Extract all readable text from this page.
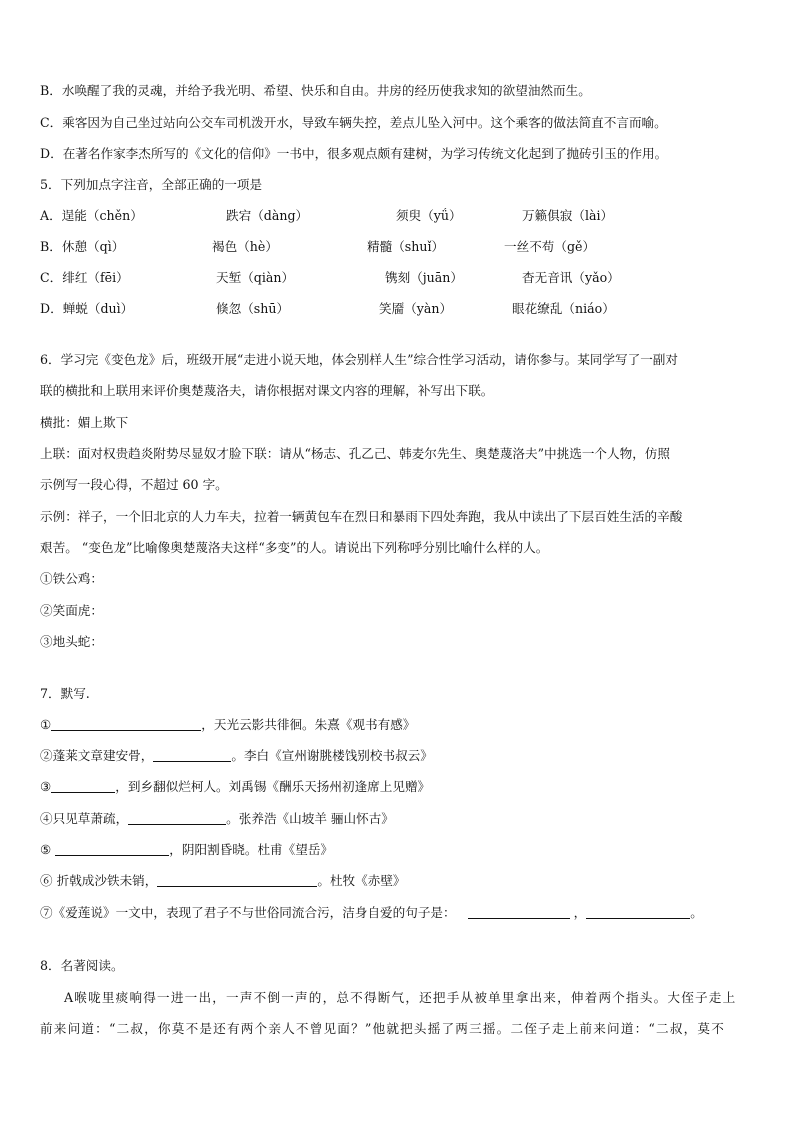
B．水唤醒了我的灵魂，并给予我光明、希望、快乐和自由。井房的经历使我求知的欲望油然而生。
C．乘客因为自己坐过站向公交车司机泼开水，导致车辆失控，差点儿坠入河中。这个乘客的做法简直不言而喻。
D．在著名作家李杰所写的《文化的信仰》一书中，很多观点颇有建树，为学习传统文化起到了抛砖引玉的作用。
5．下列加点字注音，全部正确的一项是
A．逞能（chěn）	跌宕（dàng）	须臾（yǘ）	万籁俱寂（lài）
B．休憩（qì）	褐色（hè）	精髓（shuǐ）	一丝不苟（gě）
C．绯红（fēi）	天堑（qiàn）	镌刻（juān）	杳无音讯（yǎo）
D．蝉蜕（duì）	倏忽（shū）	笑靥（yàn）	眼花缭乱（niáo）
6．学习完《变色龙》后，班级开展“走进小说天地，体会别样人生”综合性学习活动，请你参与。某同学写了一副对
联的横批和上联用来评价奥楚蔑洛夫，请你根据对课文内容的理解，补写出下联。
横批：媚上欺下
上联：面对权贵趋炎附势尽显奴才脸下联：请从“杨志、孔乙己、韩麦尔先生、奥楚蔑洛夫”中挑选一个人物，仿照
示例写一段心得，不超过 60 字。
示例：祥子，一个旧北京的人力车夫，拉着一辆黄包车在烈日和暴雨下四处奔跑，我从中读出了下层百姓生活的辛酸
艰苦。 “变色龙”比喻像奥楚蔑洛夫这样“多变”的人。请说出下列称呼分别比喻什么样的人。
①铁公鸡：
②笑面虎：
③地头蛇：
7．默写.
①	，天光云影共徘徊。朱熹《观书有感》
②蓬莱文章建安骨，	。李白《宣州谢朓楼饯别校书叔云》
③	，到乡翻似烂柯人。刘禹锡《酬乐天扬州初逢席上见赠》
④只见草萧疏，	。张养浩《山坡羊 骊山怀古》
⑤	，阴阳割昏晓。杜甫《望岳》
⑥ 折戟成沙铁未销，	。杜牧《赤壁》
⑦《爱莲说》一文中，表现了君子不与世俗同流合污，洁身自爱的句子是：	，	。
8．名著阅读。
A喉咙里痰响得一进一出，一声不倒一声的，总不得断气，还把手从被单里拿出来，伸着两个指头。大侄子走上
前来问道：“二叔，你莫不是还有两个亲人不曾见面？”他就把头摇了两三摇。二侄子走上前来问道：“二叔，莫不
